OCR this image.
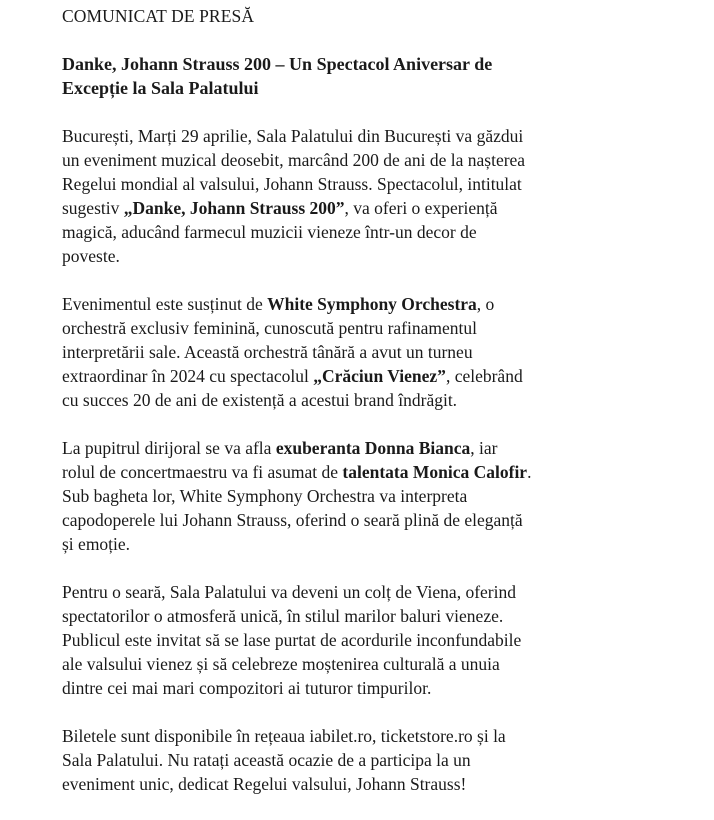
COMUNICAT DE PRESĂ
Danke, Johann Strauss 200 – Un Spectacol Aniversar de
Excepție la Sala Palatului
București, Marți 29 aprilie, Sala Palatului din București va găzdui
un eveniment muzical deosebit, marcând 200 de ani de la nașterea
Regelui mondial al valsului, Johann Strauss. Spectacolul, intitulat
sugestiv „Danke, Johann Strauss 200”, va oferi o experiență
magică, aducând farmecul muzicii vieneze într-un decor de
poveste.
Evenimentul este susținut de White Symphony Orchestra, o
orchestră exclusiv feminină, cunoscută pentru rafinamentul
interpretării sale. Această orchestră tânără a avut un turneu
extraordinar în 2024 cu spectacolul „Crăciun Vienez”, celebrând
cu succes 20 de ani de existență a acestui brand îndrăgit.
La pupitrul dirijoral se va afla exuberanta Donna Bianca, iar
rolul de concertmaestru va fi asumat de talentata Monica Calofir.
Sub bagheta lor, White Symphony Orchestra va interpreta
capodoperele lui Johann Strauss, oferind o seară plină de eleganță
și emoție.
Pentru o seară, Sala Palatului va deveni un colț de Viena, oferind
spectatorilor o atmosferă unică, în stilul marilor baluri vieneze.
Publicul este invitat să se lase purtat de acordurile inconfundabile
ale valsului vienez și să celebreze moștenirea culturală a unuia
dintre cei mai mari compozitori ai tuturor timpurilor.
Biletele sunt disponibile în rețeaua iabilet.ro, ticketstore.ro și la
Sala Palatului. Nu ratați această ocazie de a participa la un
eveniment unic, dedicat Regelui valsului, Johann Strauss!
